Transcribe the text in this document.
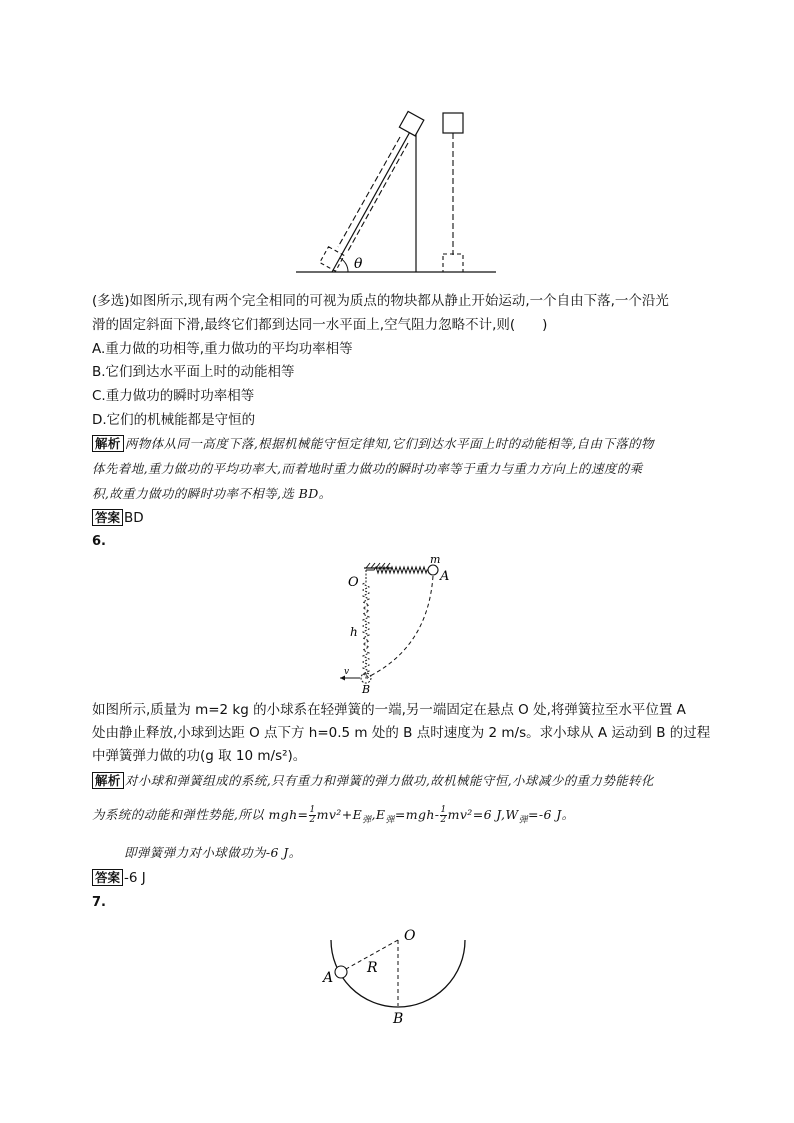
θ
(多选)如图所示,现有两个完全相同的可视为质点的物块都从静止开始运动,一个自由下落,一个沿光
滑的固定斜面下滑,最终它们都到达同一水平面上,空气阻力忽略不计,则(　　)
A.重力做的功相等,重力做功的平均功率相等
B.它们到达水平面上时的动能相等
C.重力做功的瞬时功率相等
D.它们的机械能都是守恒的
解析 两物体从同一高度下落,根据机械能守恒定律知,它们到达水平面上时的动能相等,自由下落的物
体先着地,重力做功的平均功率大,而着地时重力做功的瞬时功率等于重力与重力方向上的速度的乘
积,故重力做功的瞬时功率不相等,选 BD。
答案 BD
6.
O
m
A
h
v
B
如图所示,质量为 m=2 kg 的小球系在轻弹簧的一端,另一端固定在悬点 O 处,将弹簧拉至水平位置 A
处由静止释放,小球到达距 O 点下方 h=0.5 m 处的 B 点时速度为 2 m/s。求小球从 A 运动到 B 的过程
中弹簧弹力做的功(g 取 10 m/s²)。
解析 对小球和弹簧组成的系统,只有重力和弹簧的弹力做功,故机械能守恒,小球减少的重力势能转化
为系统的动能和弹性势能,所以 $mgh= \frac{1}{2} mv^2+E_弹,E_弹=mgh- \frac{1}{2} mv^2=6$ $J,W_弹=-6$ J。
即弹簧弹力对小球做功为-6 J。
答案 -6 J
7.
O
A
R
B
